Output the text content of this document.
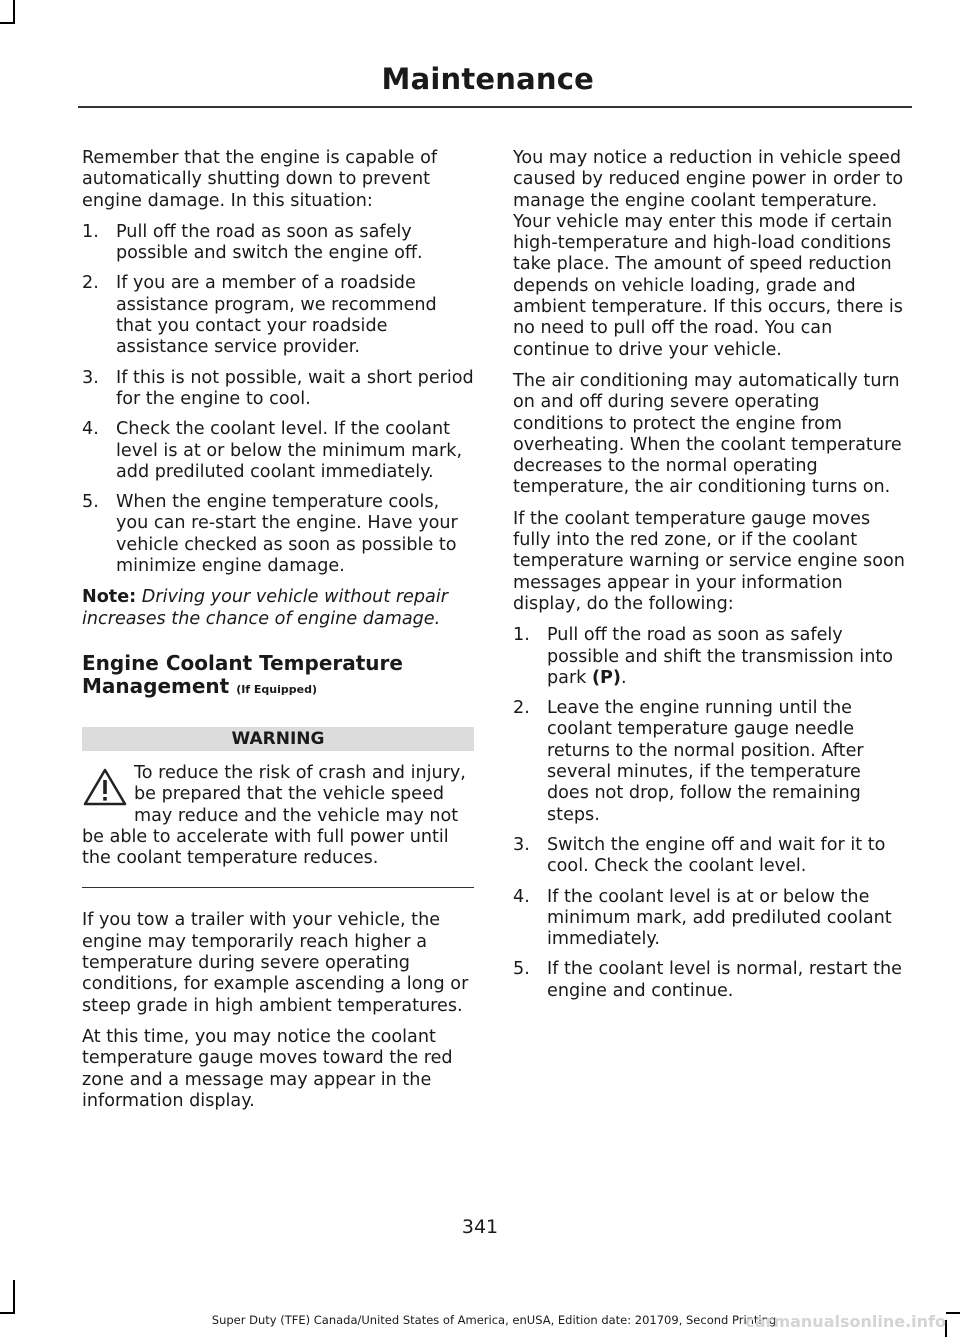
Maintenance

Remember that the engine is capable of automatically shutting down to prevent engine damage. In this situation:

1. Pull off the road as soon as safely possible and switch the engine off.
2. If you are a member of a roadside assistance program, we recommend that you contact your roadside assistance service provider.
3. If this is not possible, wait a short period for the engine to cool.
4. Check the coolant level. If the coolant level is at or below the minimum mark, add prediluted coolant immediately.
5. When the engine temperature cools, you can re-start the engine. Have your vehicle checked as soon as possible to minimize engine damage.

Note: Driving your vehicle without repair increases the chance of engine damage.

Engine Coolant Temperature Management (If Equipped)
WARNING

To reduce the risk of crash and injury, be prepared that the vehicle speed may reduce and the vehicle may not be able to accelerate with full power until the coolant temperature reduces.

If you tow a trailer with your vehicle, the engine may temporarily reach higher a temperature during severe operating conditions, for example ascending a long or steep grade in high ambient temperatures.

At this time, you may notice the coolant temperature gauge moves toward the red zone and a message may appear in the information display.

You may notice a reduction in vehicle speed caused by reduced engine power in order to manage the engine coolant temperature. Your vehicle may enter this mode if certain high-temperature and high-load conditions take place. The amount of speed reduction depends on vehicle loading, grade and ambient temperature. If this occurs, there is no need to pull off the road. You can continue to drive your vehicle.

The air conditioning may automatically turn on and off during severe operating conditions to protect the engine from overheating. When the coolant temperature decreases to the normal operating temperature, the air conditioning turns on.

If the coolant temperature gauge moves fully into the red zone, or if the coolant temperature warning or service engine soon messages appear in your information display, do the following:

1. Pull off the road as soon as safely possible and shift the transmission into park (P).
2. Leave the engine running until the coolant temperature gauge needle returns to the normal position. After several minutes, if the temperature does not drop, follow the remaining steps.
3. Switch the engine off and wait for it to cool. Check the coolant level.
4. If the coolant level is at or below the minimum mark, add prediluted coolant immediately.
5. If the coolant level is normal, restart the engine and continue.
341
Super Duty (TFE) Canada/United States of America, enUSA, Edition date: 201709, Second Printing
carmanualsonline.info
